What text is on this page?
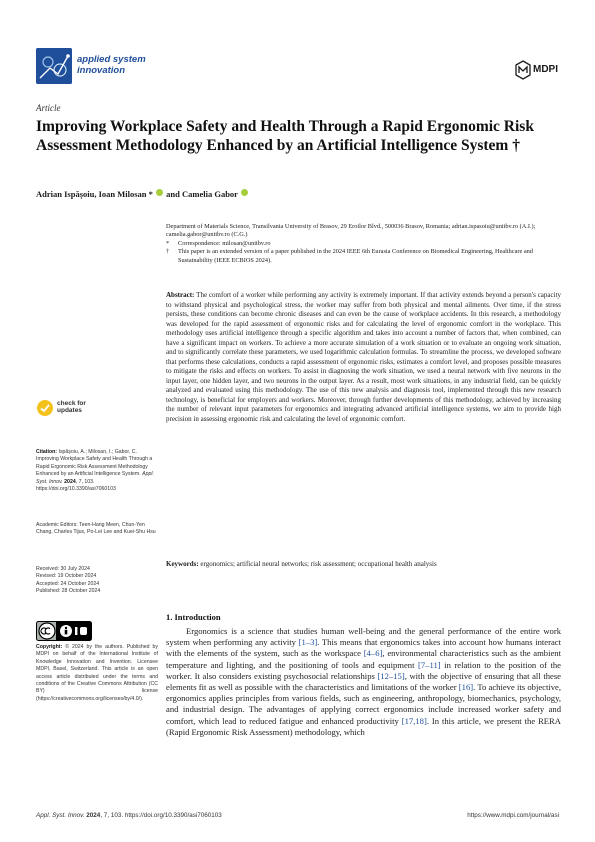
applied system
innovation	MDPI
Article
Improving Workplace Safety and Health Through a Rapid Ergonomic Risk Assessment Methodology Enhanced by an Artificial Intelligence System †
Adrian Ispășoiu, Ioan Milosan *  and Camelia Gabor
Department of Materials Science, Transilvania University of Brasov, 29 Eroilor Blvd., 500036 Brasov, Romania; adrian.ispasoiu@unitbv.ro (A.I.); camelia.gabor@unitbv.ro (C.G.)
*	Correspondence: milosan@unitbv.ro
†	This paper is an extended version of a paper published in the 2024 IEEE 6th Eurasia Conference on Biomedical Engineering, Healthcare and Sustainability (IEEE ECBIOS 2024).
Abstract: The comfort of a worker while performing any activity is extremely important. If that activity extends beyond a person's capacity to withstand physical and psychological stress, the worker may suffer from both physical and mental ailments. Over time, if the stress persists, these conditions can become chronic diseases and can even be the cause of workplace accidents. In this research, a methodology was developed for the rapid assessment of ergonomic risks and for calculating the level of ergonomic comfort in the workplace. This methodology uses artificial intelligence through a specific algorithm and takes into account a number of factors that, when combined, can have a significant impact on workers. To achieve a more accurate simulation of a work situation or to evaluate an ongoing work situation, and to significantly correlate these parameters, we used logarithmic calculation formulas. To streamline the process, we developed software that performs these calculations, conducts a rapid assessment of ergonomic risks, estimates a comfort level, and proposes possible measures to mitigate the risks and effects on workers. To assist in diagnosing the work situation, we used a neural network with five neurons in the input layer, one hidden layer, and two neurons in the output layer. As a result, most work situations, in any industrial field, can be quickly analyzed and evaluated using this methodology. The use of this new analysis and diagnosis tool, implemented through this new research technology, is beneficial for employers and workers. Moreover, through further developments of this methodology, achieved by increasing the number of relevant input parameters for ergonomics and integrating advanced artificial intelligence systems, we aim to provide high precision in assessing ergonomic risk and calculating the level of ergonomic comfort.
Keywords: ergonomics; artificial neural networks; risk assessment; occupational health analysis
check for
updates
Citation: Ispășoiu, A.; Milosan, I.; Gabor, C. Improving Workplace Safety and Health Through a Rapid Ergonomic Risk Assessment Methodology Enhanced by an Artificial Intelligence System. Appl. Syst. Innov. 2024, 7, 103. https://doi.org/10.3390/asi7060103
Academic Editors: Teen-Hang Meen, Chun-Yen Chang, Charles Tijus, Po-Lei Lee and Kuei-Shu Hsu
Received: 30 July 2024
Revised: 19 October 2024
Accepted: 24 October 2024
Published: 28 October 2024
Copyright: © 2024 by the authors. Published by MDPI on behalf of the International Institute of Knowledge Innovation and Invention. Licensee MDPI, Basel, Switzerland. This article is an open access article distributed under the terms and conditions of the Creative Commons Attribution (CC BY) license (https://creativecommons.org/licenses/by/4.0/).
1. Introduction
Ergonomics is a science that studies human well-being and the general performance of the entire work system when performing any activity [1–3]. This means that ergonomics takes into account how humans interact with the elements of the system, such as the workspace [4–6], environmental characteristics such as the ambient temperature and lighting, and the positioning of tools and equipment [7–11] in relation to the position of the worker. It also considers existing psychosocial relationships [12–15], with the objective of ensuring that all these elements fit as well as possible with the characteristics and limitations of the worker [16]. To achieve its objective, ergonomics applies principles from various fields, such as engineering, anthropology, biomechanics, psychology, and industrial design. The advantages of applying correct ergonomics include increased worker safety and comfort, which lead to reduced fatigue and enhanced productivity [17,18]. In this article, we present the RERA (Rapid Ergonomic Risk Assessment) methodology, which
Appl. Syst. Innov. 2024, 7, 103. https://doi.org/10.3390/asi7060103	https://www.mdpi.com/journal/asi
